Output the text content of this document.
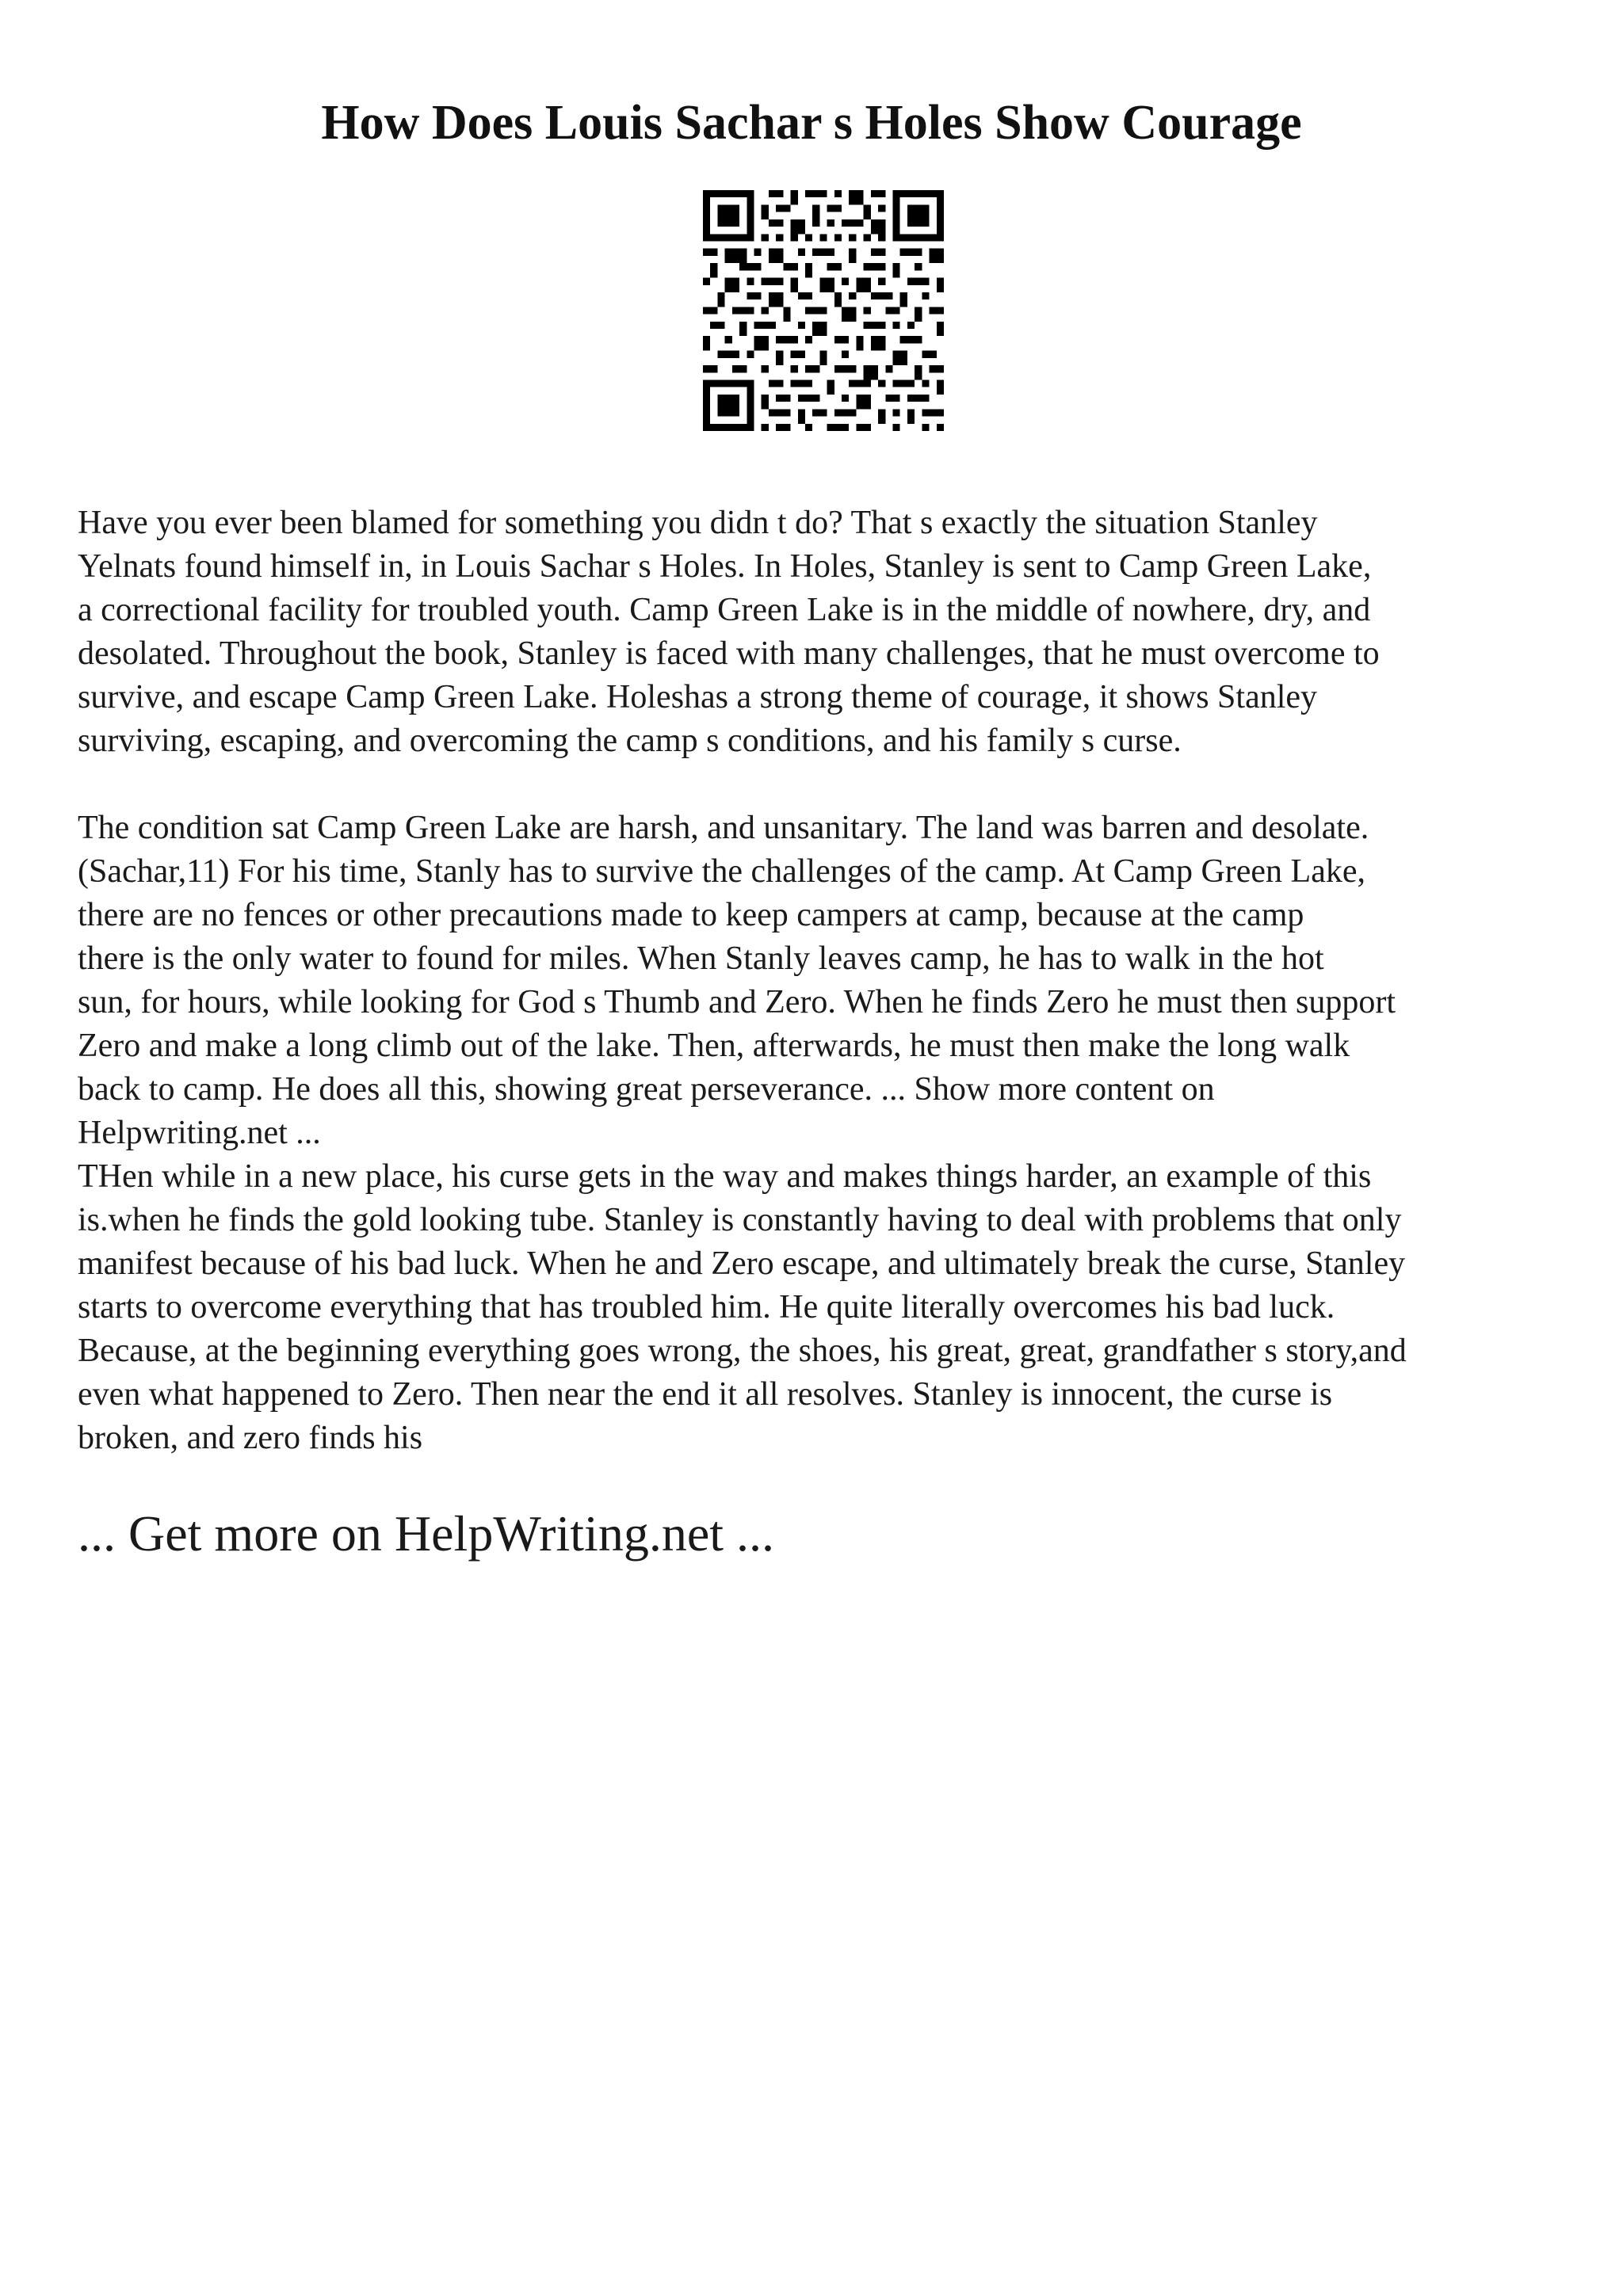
How Does Louis Sachar s Holes Show Courage
Have you ever been blamed for something you didn t do? That s exactly the situation Stanley
Yelnats found himself in, in Louis Sachar s Holes. In Holes, Stanley is sent to Camp Green Lake,
a correctional facility for troubled youth. Camp Green Lake is in the middle of nowhere, dry, and
desolated. Throughout the book, Stanley is faced with many challenges, that he must overcome to
survive, and escape Camp Green Lake. Holeshas a strong theme of courage, it shows Stanley
surviving, escaping, and overcoming the camp s conditions, and his family s curse.
The condition sat Camp Green Lake are harsh, and unsanitary. The land was barren and desolate.
(Sachar,11) For his time, Stanly has to survive the challenges of the camp. At Camp Green Lake,
there are no fences or other precautions made to keep campers at camp, because at the camp
there is the only water to found for miles. When Stanly leaves camp, he has to walk in the hot
sun, for hours, while looking for God s Thumb and Zero. When he finds Zero he must then support
Zero and make a long climb out of the lake. Then, afterwards, he must then make the long walk
back to camp. He does all this, showing great perseverance. ... Show more content on
Helpwriting.net ...
THen while in a new place, his curse gets in the way and makes things harder, an example of this
is.when he finds the gold looking tube. Stanley is constantly having to deal with problems that only
manifest because of his bad luck. When he and Zero escape, and ultimately break the curse, Stanley
starts to overcome everything that has troubled him. He quite literally overcomes his bad luck.
Because, at the beginning everything goes wrong, the shoes, his great, great, grandfather s story,and
even what happened to Zero. Then near the end it all resolves. Stanley is innocent, the curse is
broken, and zero finds his
... Get more on HelpWriting.net ...
